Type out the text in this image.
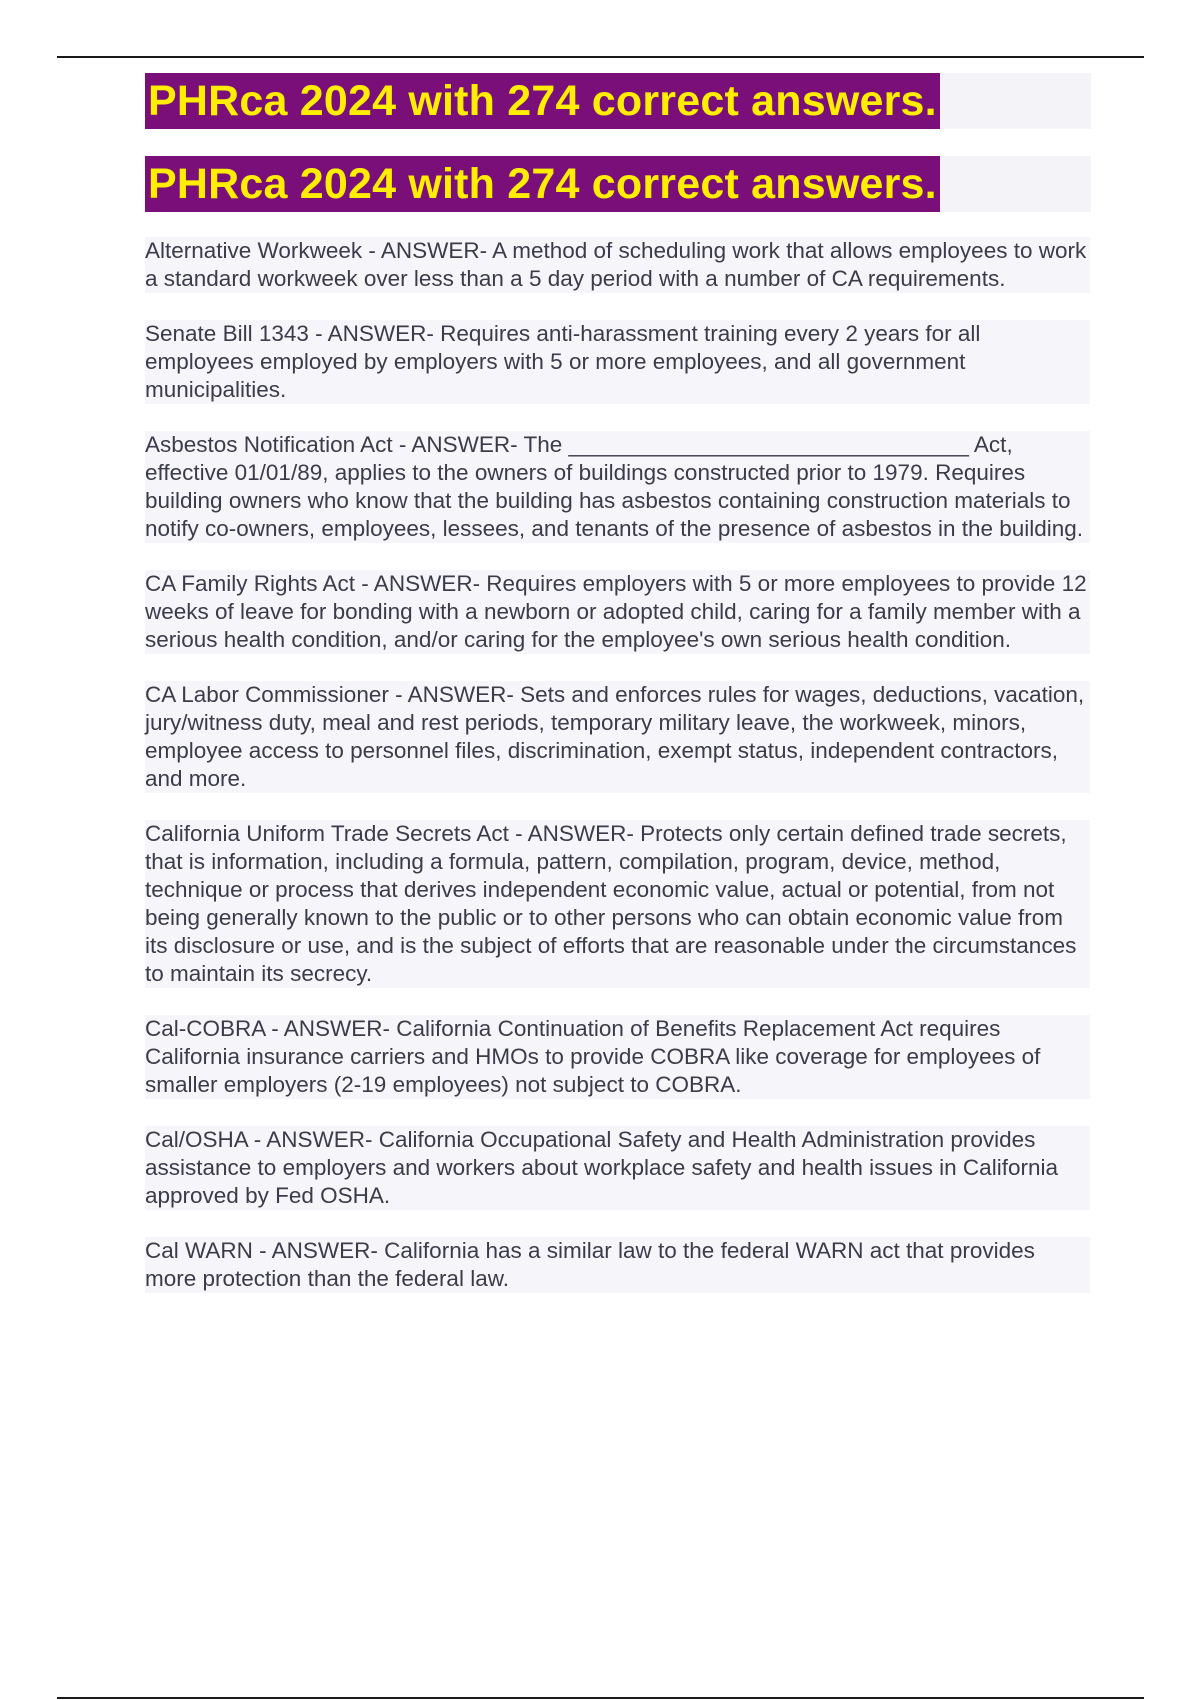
PHRca 2024 with 274 correct answers.
PHRca 2024 with 274 correct answers.

Alternative Workweek - ANSWER- A method of scheduling work that allows employees to work a standard workweek over less than a 5 day period with a number of CA requirements.

Senate Bill 1343 - ANSWER- Requires anti-harassment training every 2 years for all employees employed by employers with 5 or more employees, and all government municipalities.

Asbestos Notification Act - ANSWER- The ________________________________ Act, effective 01/01/89, applies to the owners of buildings constructed prior to 1979. Requires building owners who know that the building has asbestos containing construction materials to notify co-owners, employees, lessees, and tenants of the presence of asbestos in the building.

CA Family Rights Act - ANSWER- Requires employers with 5 or more employees to provide 12 weeks of leave for bonding with a newborn or adopted child, caring for a family member with a serious health condition, and/or caring for the employee's own serious health condition.

CA Labor Commissioner - ANSWER- Sets and enforces rules for wages, deductions, vacation, jury/witness duty, meal and rest periods, temporary military leave, the workweek, minors, employee access to personnel files, discrimination, exempt status, independent contractors, and more.

California Uniform Trade Secrets Act - ANSWER- Protects only certain defined trade secrets, that is information, including a formula, pattern, compilation, program, device, method, technique or process that derives independent economic value, actual or potential, from not being generally known to the public or to other persons who can obtain economic value from its disclosure or use, and is the subject of efforts that are reasonable under the circumstances to maintain its secrecy.

Cal-COBRA - ANSWER- California Continuation of Benefits Replacement Act requires California insurance carriers and HMOs to provide COBRA like coverage for employees of smaller employers (2-19 employees) not subject to COBRA.

Cal/OSHA - ANSWER- California Occupational Safety and Health Administration provides assistance to employers and workers about workplace safety and health issues in California approved by Fed OSHA.

Cal WARN - ANSWER- California has a similar law to the federal WARN act that provides more protection than the federal law.
